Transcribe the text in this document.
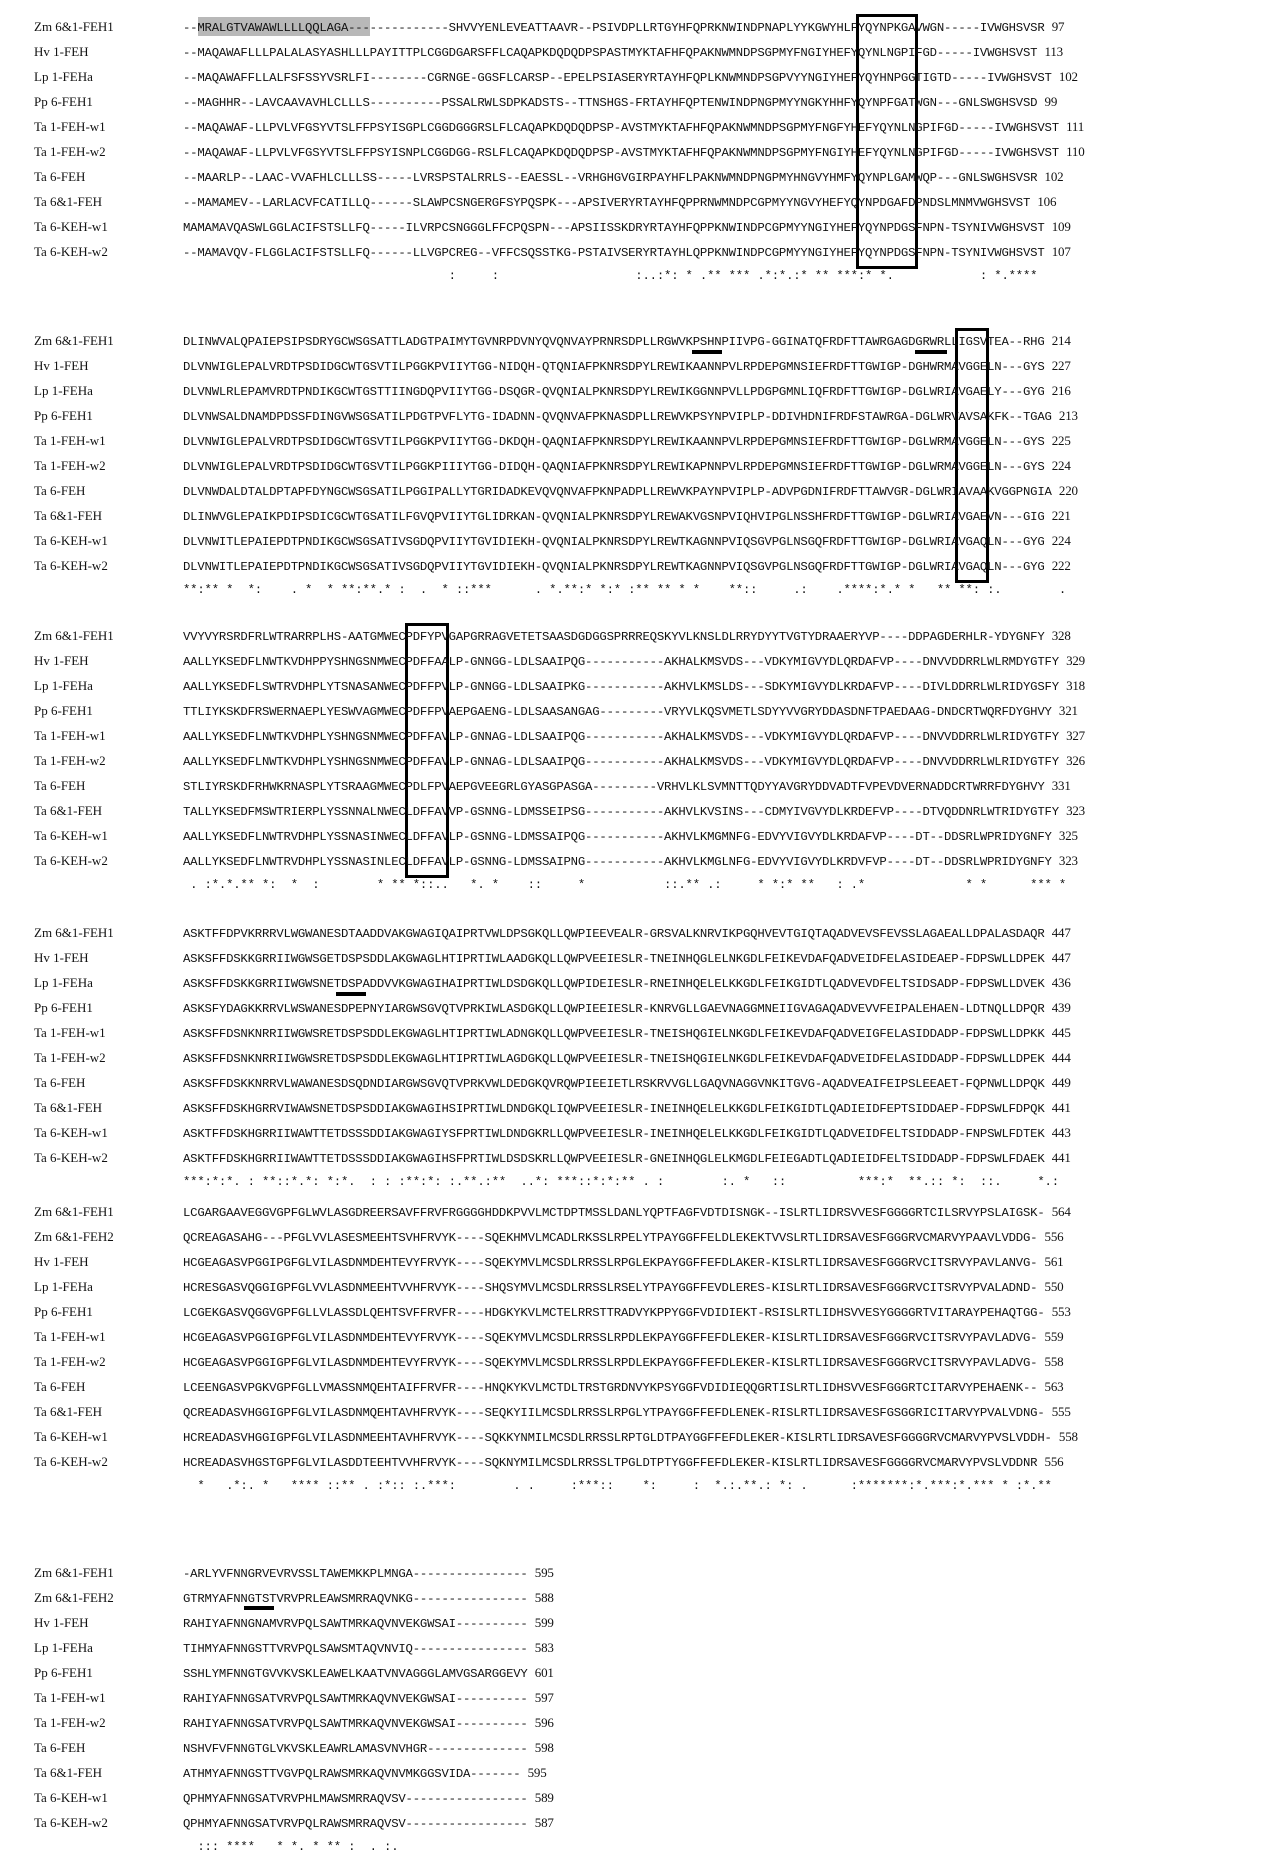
Zm 6&1-FEH1	--MRALGTVAWAWLLLLQQLAGA--------------SHVVYENLEVEATTAAVR--PSIVDPLLRTGYHFQPRKNWINDPNAPLYYKGWYHLFYQYNPKGAVWGN-----IVWGHSVSR 97
Hv 1-FEH	--MAQAWAFLLLPALALASYASHLLLPAYITTPLCGGDGARSFFLCAQAPKDQDQDPSPASTMYKTAFHFQPAKNWMNDPSGPMYFNGIYHEFYQYNLNGPIFGD-----IVWGHSVST 113
Lp 1-FEHa	--MAQAWAFFLLALFSFSSYVSRLFI--------CGRNGE-GGSFLCARSP--EPELPSIASERYRTAYHFQPLKNWMNDPSGPVYYNGIYHEFYQYHNPGGTIGTD-----IVWGHSVST 102
Pp 6-FEH1	--MAGHHR--LAVCAAVAVHLCLLLS----------PSSALRWLSDPKADSTS--TTNSHGS-FRTAYHFQPTENWINDPNGPMYYNGKYHHFYQYNPFGATWGN---GNLSWGHSVSD 99
Ta 1-FEH-w1	--MAQAWAF-LLPVLVFGSYVTSLFFPSYISGPLCGGDGGGRSLFLCAQAPKDQDQDPSP-AVSTMYKTAFHFQPAKNWMNDPSGPMYFNGFYHEFYQYNLNGPIFGD-----IVWGHSVST 111
Ta 1-FEH-w2	--MAQAWAF-LLPVLVFGSYVTSLFFPSYISNPLCGGDGG-RSLFLCAQAPKDQDQDPSP-AVSTMYKTAFHFQPAKNWMNDPSGPMYFNGIYHEFYQYNLNGPIFGD-----IVWGHSVST 110
Ta 6-FEH	--MAARLP--LAAC-VVAFHLCLLLSS-----LVRSPSTALRRLS--EAESSL--VRHGHGVGIRPAYHFLPAKNWMNDPNGPMYHNGVYHMFYQYNPLGAMWQP---GNLSWGHSVSR 102
Ta 6&1-FEH	--MAMAMEV--LARLACVFCATILLQ------SLAWPCSNGERGFSYPQSPK---APSIVERYRTAYHFQPPRNWMNDPCGPMYYNGVYHEFYQYNPDGAFDPNDSLMNMVWGHSVST 106
Ta 6-KEH-w1	MAMAMAVQASWLGGLACIFSTSLLFQ-----ILVRPCSNGGGLFFCPQSPN---APSIISSKDRYRTAYHFQPPKNWINDPCGPMYYNGIYHEFYQYNPDGSFNPN-TSYNIVWGHSVST 109
Ta 6-KEH-w2	--MAMAVQV-FLGGLACIFSTSLLFQ------LLVGPCREG--VFFCSQSSTKG-PSTAIVSERYRTAYHLQPPKNWINDPCGPMYYNGIYHEFYQYNPDGSFNPN-TSYNIVWGHSVST 107
:     :                   :..:*: * .** *** .*:*.:* ** ***:* *.            : *.****
Zm 6&1-FEH1	DLINWVALQPAIEPSIPSDRYGCWSGSATTLADGTPAIMYTGVNRPDVNYQVQNVAYPRNRSDPLLRGWVKPSHNPIIVPG-GGINATQFRDFTTAWRGAGDGRWRLLIGSVTEA--RHG 214
Hv 1-FEH	DLVNWIGLEPALVRDTPSDIDGCWTGSVTILPGGKPVIIYTGG-NIDQH-QTQNIAFPKNRSDPYLREWIKAANNPVLRPDEPGMNSIEFRDFTTGWIGP-DGHWRMAVGGELN---GYS 227
Lp 1-FEHa	DLVNWLRLEPAMVRDTPNDIKGCWTGSTTIINGDQPVIIYTGG-DSQGR-QVQNIALPKNRSDPYLREWIKGGNNPVLLPDGPGMNLIQFRDFTTGWIGP-DGLWRIAVGAELY---GYG 216
Pp 6-FEH1	DLVNWSALDNAMDPDSSFDINGVWSGSATILPDGTPVFLYTG-IDADNN-QVQNVAFPKNASDPLLREWVKPSYNPVIPLP-DDIVHDNIFRDFSTAWRGA-DGLWRVAVSAKFK--TGAG 213
Ta 1-FEH-w1	DLVNWIGLEPALVRDTPSDIDGCWTGSVTILPGGKPVIIYTGG-DKDQH-QAQNIAFPKNRSDPYLREWIKAANNPVLRPDEPGMNSIEFRDFTTGWIGP-DGLWRMAVGGELN---GYS 225
Ta 1-FEH-w2	DLVNWIGLEPALVRDTPSDIDGCWTGSVTILPGGKPIIIYTGG-DIDQH-QAQNIAFPKNRSDPYLREWIKAPNNPVLRPDEPGMNSIEFRDFTTGWIGP-DGLWRMAVGGELN---GYS 224
Ta 6-FEH	DLVNWDALDTALDPTAPFDYNGCWSGSATILPGGIPALLYTGRIDADKEVQVQNVAFPKNPADPLLREWVKPAYNPVIPLP-ADVPGDNIFRDFTTAWVGR-DGLWRIAVAAKVGGPNGIA 220
Ta 6&1-FEH	DLINWVGLEPAIKPDIPSDICGCWTGSATILFGVQPVIIYTGLIDRKAN-QVQNIALPKNRSDPYLREWAKVGSNPVIQHVIPGLNSSHFRDFTTGWIGP-DGLWRIAVGAEVN---GIG 221
Ta 6-KEH-w1	DLVNWITLEPAIEPDTPNDIKGCWSGSATIVSGDQPVIIYTGVIDIEKH-QVQNIALPKNRSDPYLREWTKAGNNPVIQSGVPGLNSGQFRDFTTGWIGP-DGLWRIAVGAQLN---GYG 224
Ta 6-KEH-w2	DLVNWITLEPAIEPDTPNDIKGCWSGSATIVSGDQPVIIYTGVIDIEKH-QVQNIALPKNRSDPYLREWTKAGNNPVIQSGVPGLNSGQFRDFTTGWIGP-DGLWRIAVGAQLN---GYG 222
**:** *  *:    . *  * **:**.* :  .  * ::***      . *.**:* *:* :** ** * *    **::     .:    .****:*.* *   ** **: :.        .
Zm 6&1-FEH1	VVYVYRSRDFRLWTRARRPLHS-AATGMWECPDFYPVGAPGRRAGVETETSAASDGDGGSPRRREQSKYVLKNSLDLRRYDYYTVGTYDRAAERYVP----DDPAGDERHLR-YDYGNFY 328
Hv 1-FEH	AALLYKSEDFLNWTKVDHPPYSHNGSNMWECPDFFAALP-GNNGG-LDLSAAIPQG-----------AKHALKMSVDS---VDKYMIGVYDLQRDAFVP----DNVVDDRRLWLRMDYGTFY 329
Lp 1-FEHa	AALLYKSEDFLSWTRVDHPLYTSNASANWECPDFFPVLP-GNNGG-LDLSAAIPKG-----------AKHVLKMSLDS---SDKYMIGVYDLKRDAFVP----DIVLDDRRLWLRIDYGSFY 318
Pp 6-FEH1	TTLIYKSKDFRSWERNAEPLYESWVAGMWECPDFFPVAEPGAENG-LDLSAASANGAG---------VRYVLKQSVMETLSDYYVVGRYDDASDNFTPAEDAAG-DNDCRTWQRFDYGHVY 321
Ta 1-FEH-w1	AALLYKSEDFLNWTKVDHPLYSHNGSNMWECPDFFAVLP-GNNAG-LDLSAAIPQG-----------AKHALKMSVDS---VDKYMIGVYDLQRDAFVP----DNVVDDRRLWLRIDYGTFY 327
Ta 1-FEH-w2	AALLYKSEDFLNWTKVDHPLYSHNGSNMWECPDFFAVLP-GNNAG-LDLSAAIPQG-----------AKHALKMSVDS---VDKYMIGVYDLQRDAFVP----DNVVDDRRLWLRIDYGTFY 326
Ta 6-FEH	STLIYRSKDFRHWKRNASPLYTSRAAGMWECPDLFPVAEPGVEEGRLGYASGPASGA---------VRHVLKLSVMNTTQDYYAVGRYDDVADTFVPEVDVERNADDCRTWRRFDYGHVY 331
Ta 6&1-FEH	TALLYKSEDFMSWTRIERPLYSSNNALNWECLDFFAVVP-GSNNG-LDMSSEIPSG-----------AKHVLKVSINS---CDMYIVGVYDLKRDEFVP----DTVQDDNRLWTRIDYGTFY 323
Ta 6-KEH-w1	AALLYKSEDFLNWTRVDHPLYSSNASINWECLDFFAVLP-GSNNG-LDMSSAIPQG-----------AKHVLKMGMNFG-EDVYVIGVYDLKRDAFVP----DT--DDSRLWPRIDYGNFY 325
Ta 6-KEH-w2	AALLYKSEDFLNWTRVDHPLYSSNASINLECLDFFAVLP-GSNNG-LDMSSAIPNG-----------AKHVLKMGLNFG-EDVYVIGVYDLKRDVFVP----DT--DDSRLWPRIDYGNFY 323
. :*.*.** *:  *  :        * ** *::..   *. *    ::     *           ::.** .:     * *:* **   : .*              * *      *** *
Zm 6&1-FEH1	ASKTFFDPVKRRRVLWGWANESDTAADDVAKGWAGIQAIPRTVWLDPSGKQLLQWPIEEVEALR-GRSVALKNRVIKPGQHVEVTGIQTAQADVEVSFEVSSLAGAEALLDPALASDAQR 447
Hv 1-FEH	ASKSFFDSKKGRRIIWGWSGETDSPSDDLAKGWAGLHTIPRTIWLAADGKQLLQWPVEEIESLR-TNEINHQGLELNKGDLFEIKEVDAFQADVEIDFELASIDEAEP-FDPSWLLDPEK 447
Lp 1-FEHa	ASKSFFDSKKGRRIIWGWSNETDSPADDVVKGWAGIHAIPRTIWLDSDGKQLLQWPIDEIESLR-RNEINHQELELKKGDLFEIKGIDTLQADVEVDFELTSIDSADP-FDPSWLLDVEK 436
Pp 6-FEH1	ASKSFYDAGKKRRVLWSWANESDPEPNYIARGWSGVQTVPRKIWLASDGKQLLQWPIEEIESLR-KNRVGLLGAEVNAGGMNEIIGVAGAQADVEVVFEIPALEHAEN-LDTNQLLDPQR 439
Ta 1-FEH-w1	ASKSFFDSNKNRRIIWGWSRETDSPSDDLEKGWAGLHTIPRTIWLADNGKQLLQWPVEEIESLR-TNEISHQGIELNKGDLFEIKEVDAFQADVEIGFELASIDDADP-FDPSWLLDPKK 445
Ta 1-FEH-w2	ASKSFFDSNKNRRIIWGWSRETDSPSDDLEKGWAGLHTIPRTIWLAGDGKQLLQWPVEEIESLR-TNEISHQGIELNKGDLFEIKEVDAFQADVEIDFELASIDDADP-FDPSWLLDPEK 444
Ta 6-FEH	ASKSFFDSKKNRRVLWAWANESDSQDNDIARGWSGVQTVPRKVWLDEDGKQVRQWPIEEIETLRSKRVVGLLGAQVNAGGVNKITGVG-AQADVEAIFEIPSLEEAET-FQPNWLLDPQK 449
Ta 6&1-FEH	ASKSFFDSKHGRRVIWAWSNETDSPSDDIAKGWAGIHSIPRTIWLDNDGKQLIQWPVEEIESLR-INEINHQELELKKGDLFEIKGIDTLQADIEIDFEPTSIDDAEP-FDPSWLFDPQK 441
Ta 6-KEH-w1	ASKTFFDSKHGRRIIWAWTTETDSSSDDIAKGWAGIYSFPRTIWLDNDGKRLLQWPVEEIESLR-INEINHQELELKKGDLFEIKGIDTLQADVEIDFELTSIDDADP-FNPSWLFDTEK 443
Ta 6-KEH-w2	ASKTFFDSKHGRRIIWAWTTETDSSSDDIAKGWAGIHSFPRTIWLDSDSKRLLQWPVEEIESLR-GNEINHQGLELKMGDLFEIEGADTLQADIEIDFELTSIDDADP-FDPSWLFDAEK 441
***:*:*. : **::*.*: *:*.  : : :**:*: :.**.:**  ..*: ***::*:*:** . :        :. *   ::          ***:*  **.:: *:  ::.     *.:
Zm 6&1-FEH1	LCGARGAAVEGGVGPFGLWVLASGDREERSAVFFRVFRGGGGHDDKPVVLMCTDPTMSSLDANLYQPTFAGFVDTDISNGK--ISLRTLIDRSVVESFGGGGRTCILSRVYPSLAIGSK- 564
Zm 6&1-FEH2	QCREAGASAHG---PFGLVVLASESMEEHTSVHFRVYK----SQEKHMVLMCADLRKSSLRPELYTPAYGGFFELDLEKEKTVVSLRTLIDRSAVESFGGGRVCMARVYPAAVLVDDG- 556
Hv 1-FEH	HCGEAGASVPGGIPGFGLVILASDNMDEHTEVYFRVYK----SQEKYMVLMCSDLRRSSLRPGLEKPAYGGFFEFDLAKER-KISLRTLIDRSAVESFGGGRVCITSRVYPAVLANVG- 561
Lp 1-FEHa	HCRESGASVQGGIGPFGLVVLASDNMEEHTVVHFRVYK----SHQSYMVLMCSDLRRSSLRSELYTPAYGGFFEVDLERES-KISLRTLIDRSAVESFGGGRVCITSRVYPVALADND- 550
Pp 6-FEH1	LCGEKGASVQGGVGPFGLLVLASSDLQEHTSVFFRVFR----HDGKYKVLMCTELRRSTTRADVYKPPYGGFVDIDIEKT-RSISLRTLIDHSVVESYGGGGRTVITARAYPEHAQTGG- 553
Ta 1-FEH-w1	HCGEAGASVPGGIGPFGLVILASDNMDEHTEVYFRVYK----SQEKYMVLMCSDLRRSSLRPDLEKPAYGGFFEFDLEKER-KISLRTLIDRSAVESFGGGRVCITSRVYPAVLADVG- 559
Ta 1-FEH-w2	HCGEAGASVPGGIGPFGLVILASDNMDEHTEVYFRVYK----SQEKYMVLMCSDLRRSSLRPDLEKPAYGGFFEFDLEKER-KISLRTLIDRSAVESFGGGRVCITSRVYPAVLADVG- 558
Ta 6-FEH	LCEENGASVPGKVGPFGLLVMASSNMQEHTAIFFRVFR----HNQKYKVLMCTDLTRSTGRDNVYKPSYGGFVDIDIEQQGRTISLRTLIDHSVVESFGGGRTCITARVYPEHAENK-- 563
Ta 6&1-FEH	QCREADASVHGGIGPFGLVILASDNMQEHTAVHFRVYK----SEQKYIILMCSDLRRSSLRPGLYTPAYGGFFEFDLENEK-RISLRTLIDRSAVESFGSGGRICITARVYPVALVDNG- 555
Ta 6-KEH-w1	HCREADASVHGGIGPFGLVILASDNMEEHTAVHFRVYK----SQKKYNMILMCSDLRRSSLRPTGLDTPAYGGFFEFDLEKER-KISLRTLIDRSAVESFGGGGRVCMARVYPVSLVDDH- 558
Ta 6-KEH-w2	HCREADASVHGSTGPFGLVILASDDTEEHTVVHFRVYK----SQKNYMILMCSDLRRSSLTPGLDTPTYGGFFEFDLEKER-KISLRTLIDRSAVESFGGGGRVCMARVYPVSLVDDNR 556
*   .*:. *   **** ::** . :*:: :.***:        . .     :***::    *:     :  *.:.**.: *: .      :*******:*.***:*.*** * :*.**
Zm 6&1-FEH1	-ARLYVFNNGRVEVRVSSLTAWEMKKPLMNGA---------------- 595
Zm 6&1-FEH2	GTRMYAFNNGTSTVRVPRLEAWSMRRAQVNKG---------------- 588
Hv 1-FEH	RAHIYAFNNGNAMVRVPQLSAWTMRKAQVNVEKGWSAI---------- 599
Lp 1-FEHa	TIHMYAFNNGSTTVRVPQLSAWSMTAQVNVIQ---------------- 583
Pp 6-FEH1	SSHLYMFNNGTGVVKVSKLEAWELKAATVNVAGGGLAMVGSARGGEVY 601
Ta 1-FEH-w1	RAHIYAFNNGSATVRVPQLSAWTMRKAQVNVEKGWSAI---------- 597
Ta 1-FEH-w2	RAHIYAFNNGSATVRVPQLSAWTMRKAQVNVEKGWSAI---------- 596
Ta 6-FEH	NSHVFVFNNGTGLVKVSKLEAWRLAMASVNVHGR-------------- 598
Ta 6&1-FEH	ATHMYAFNNGSTTVGVPQLRAWSMRKAQVNVMKGGSVIDA------- 595
Ta 6-KEH-w1	QPHMYAFNNGSATVRVPHLMAWSMRRAQVSV----------------- 589
Ta 6-KEH-w2	QPHMYAFNNGSATVRVPQLRAWSMRRAQVSV----------------- 587
::: ****   * *. * ** :  . :.
